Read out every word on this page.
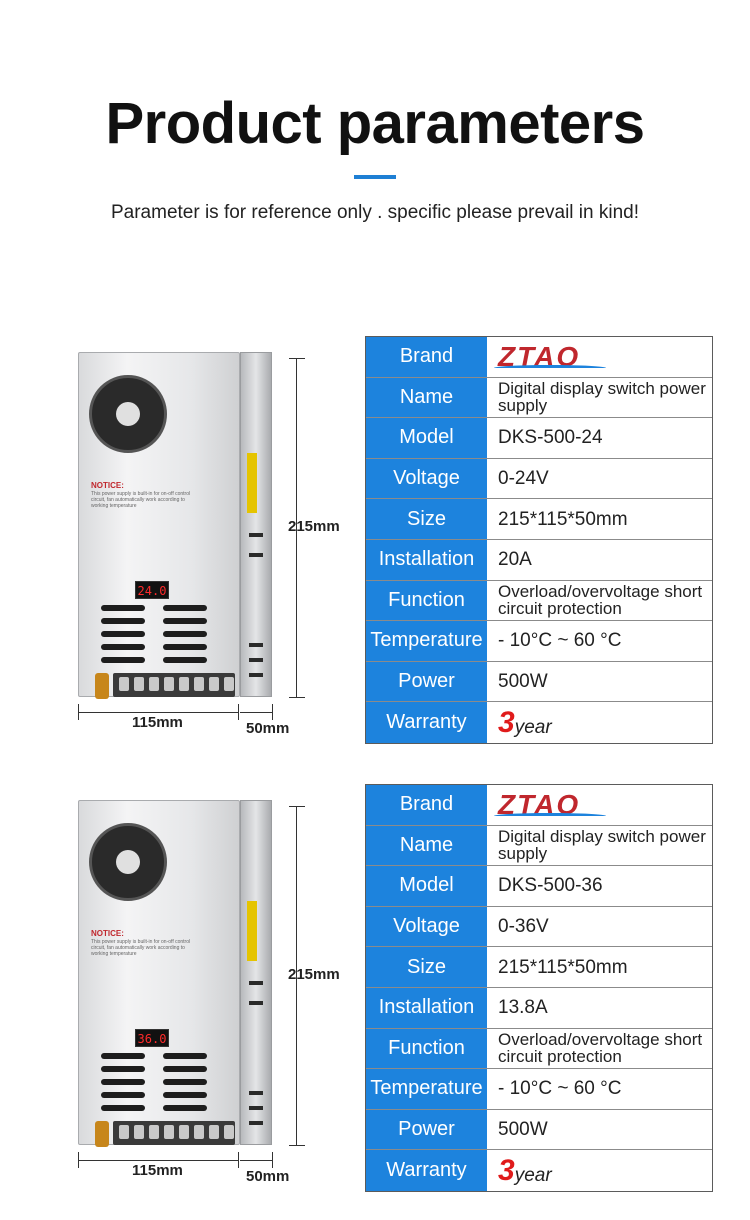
Product parameters
Parameter is for reference only . specific please prevail in kind!
NOTICE:
This power supply is built-in for on-off control circuit, fan automatically work according to working temperature
24.0
215mm
115mm	50mm
Brand	ZTAO
Name	Digital display switch power supply
Model	DKS-500-24
Voltage	0-24V
Size	215*115*50mm
Installation	20A
Function	Overload/overvoltage short circuit protection
Temperature - 10°C ~ 60 °C
Power	500W
Warranty	3 year
NOTICE:
This power supply is built-in for on-off control circuit, fan automatically work according to working temperature
36.0
215mm
115mm	50mm
Brand	ZTAO
Name	Digital display switch power supply
Model	DKS-500-36
Voltage	0-36V
Size	215*115*50mm
Installation	13.8A
Function	Overload/overvoltage short circuit protection
Temperature - 10°C ~ 60 °C
Power	500W
Warranty	3 year
